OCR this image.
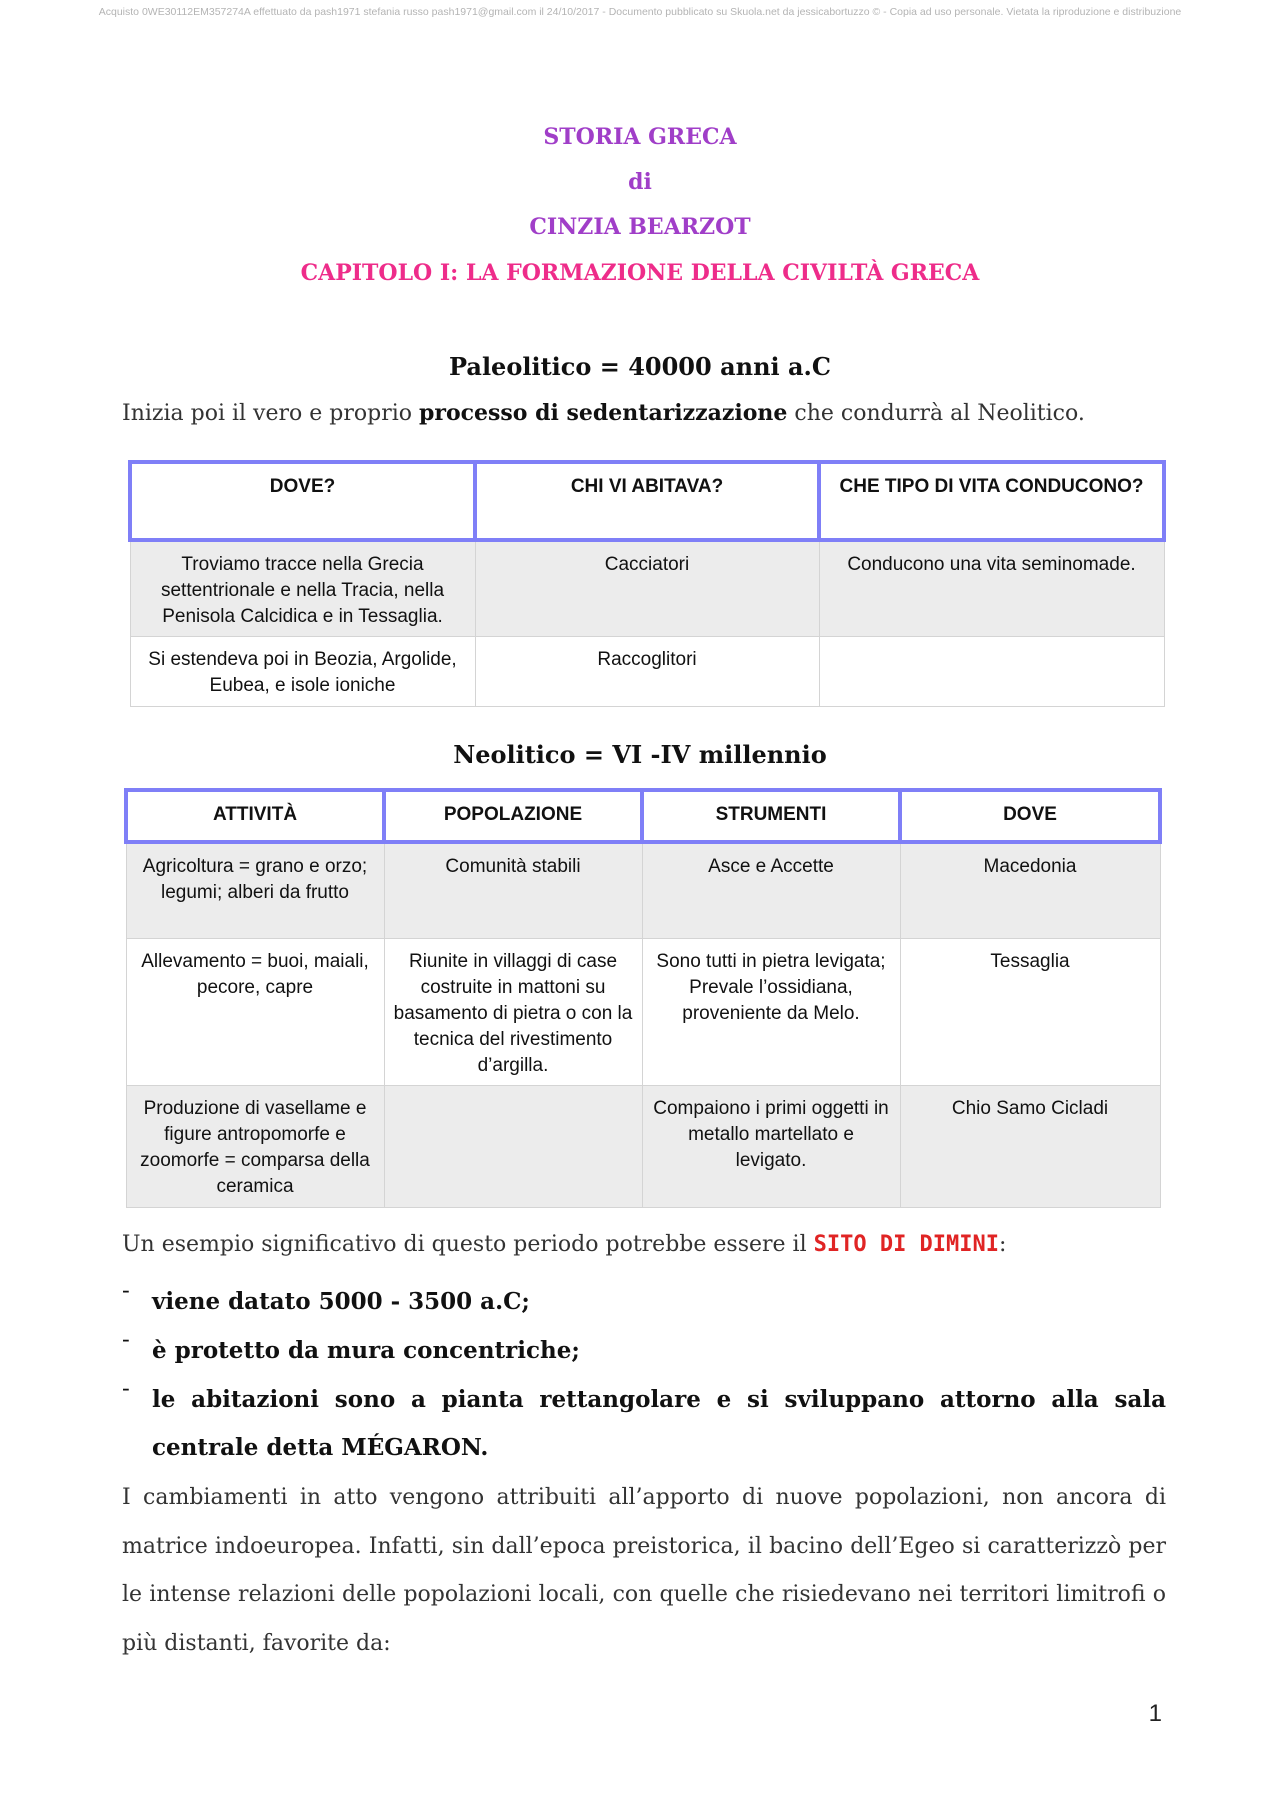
Acquisto 0WE30112EM357274A effettuato da pash1971 stefania russo pash1971@gmail.com il 24/10/2017 - Documento pubblicato su Skuola.net da jessicabortuzzo © - Copia ad uso personale. Vietata la riproduzione e distribuzione
STORIA GRECA
di
CINZIA BEARZOT
CAPITOLO I: LA FORMAZIONE DELLA CIVILTÀ GRECA
Paleolitico = 40000 anni a.C
Inizia poi il vero e proprio processo di sedentarizzazione che condurrà al Neolitico.
DOVE?	CHI VI ABITAVA?	CHE TIPO DI VITA CONDUCONO?
Troviamo tracce nella Grecia settentrionale e nella Tracia, nella Penisola Calcidica e in Tessaglia.	Cacciatori	Conducono una vita seminomade.
Si estendeva poi in Beozia, Argolide, Eubea, e isole ioniche	Raccoglitori	
Neolitico = VI -IV millennio
ATTIVITÀ	POPOLAZIONE	STRUMENTI	DOVE
Agricoltura = grano e orzo; legumi; alberi da frutto	Comunità stabili	Asce e Accette	Macedonia
Allevamento = buoi, maiali, pecore, capre	Riunite in villaggi di case costruite in mattoni su basamento di pietra o con la tecnica del rivestimento d’argilla.	Sono tutti in pietra levigata; Prevale l’ossidiana, proveniente da Melo.	Tessaglia
Produzione di vasellame e figure antropomorfe e zoomorfe = comparsa della ceramica		Compaiono i primi oggetti in metallo martellato e levigato.	Chio Samo Cicladi
Un esempio significativo di questo periodo potrebbe essere il SITO DI DIMINI:
- viene datato 5000 - 3500 a.C;
- è protetto da mura concentriche;
- le abitazioni sono a pianta rettangolare e si sviluppano attorno alla sala centrale detta MÉGARON.
I cambiamenti in atto vengono attribuiti all’apporto di nuove popolazioni, non ancora di matrice indoeuropea. Infatti, sin dall’epoca preistorica, il bacino dell’Egeo si caratterizzò per le intense relazioni delle popolazioni locali, con quelle che risiedevano nei territori limitrofi o più distanti, favorite da:
1
